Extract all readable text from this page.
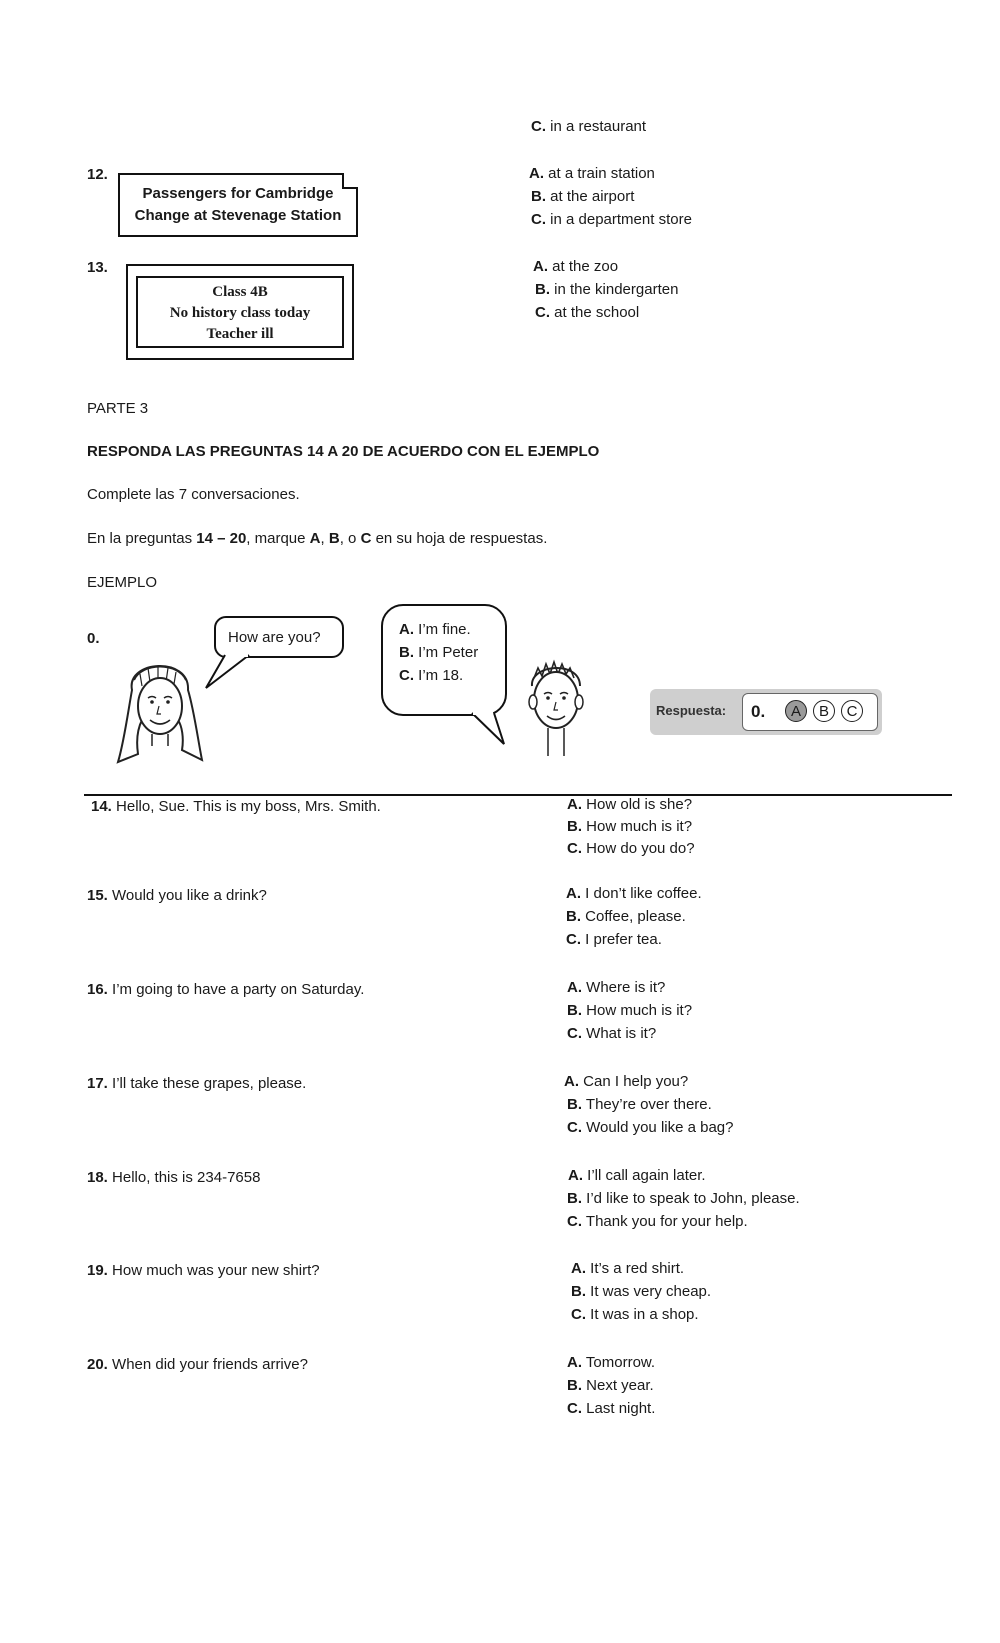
C. in a restaurant
12.
Passengers for Cambridge
Change at Stevenage Station
A. at a train station
B. at the airport
C. in a department store
13.
Class 4B
No history class today
Teacher ill
A. at the zoo
B. in the kindergarten
C. at the school
PARTE 3
RESPONDA LAS PREGUNTAS 14 A 20 DE ACUERDO CON EL EJEMPLO
Complete las 7 conversaciones.
En la preguntas 14 – 20, marque A, B, o C en su hoja de respuestas.
EJEMPLO
0.	How are you?	A. I’m fine.
B. I’m Peter
C. I’m 18.
Respuesta: 0.	A	B	C
14. Hello, Sue. This is my boss, Mrs. Smith.	A. How old is she?
B. How much is it?
C. How do you do?
15. Would you like a drink?	A. I don’t like coffee.
B. Coffee, please.
C. I prefer tea.
16. I’m going to have a party on Saturday.	A. Where is it?
B. How much is it?
C. What is it?
17. I’ll take these grapes, please.	A. Can I help you?
B. They’re over there.
C. Would you like a bag?
18. Hello, this is 234-7658	A. I’ll call again later.
B. I’d like to speak to John, please.
C. Thank you for your help.
19. How much was your new shirt?	A. It’s a red shirt.
B. It was very cheap.
C. It was in a shop.
20. When did your friends arrive?	A. Tomorrow.
B. Next year.
C. Last night.
